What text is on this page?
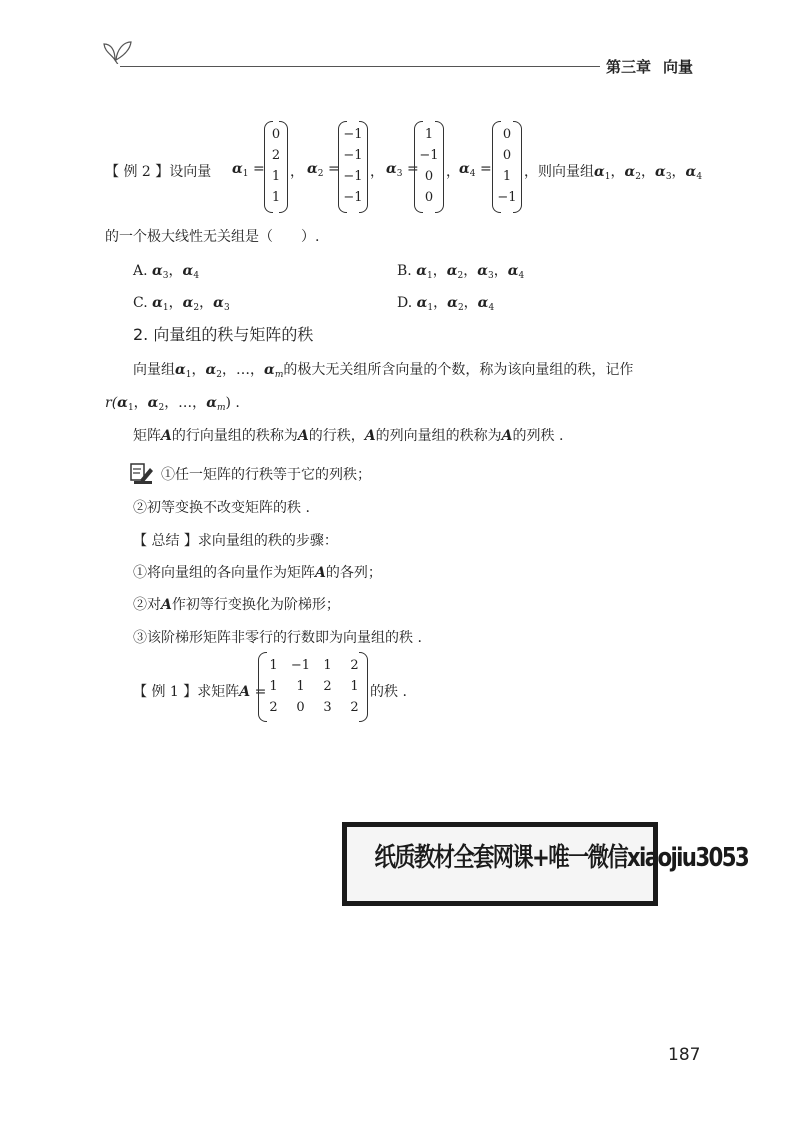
第三章 向量
【 例 2 】设向量 $\alpha_1$ =
0
2
1
1
， $\alpha_2$ =
−1
−1
−1
−1
， $\alpha_3$ =
1
−1
0
0
， $\alpha_4$ =
0
0
1
−1
，则向量组$\alpha_1$，$\alpha_2$，$\alpha_3$，$\alpha_4$
的一个极大线性无关组是（　　）.
A. $\alpha_3$，$\alpha_4$	B. $\alpha_1$，$\alpha_2$，$\alpha_3$，$\alpha_4$
C. $\alpha_1$，$\alpha_2$，$\alpha_3$	D. $\alpha_1$，$\alpha_2$，$\alpha_4$
2. 向量组的秩与矩阵的秩
向量组$\alpha_1$，$\alpha_2$，…，$\alpha_m$的极大无关组所含向量的个数，称为该向量组的秩，记作
$r(\alpha_1$，$\alpha_2$，…，$\alpha_m$) .
矩阵A的行向量组的秩称为A的行秩，A的列向量组的秩称为A的列秩 .
①任一矩阵的行秩等于它的列秩；
②初等变换不改变矩阵的秩 .
【 总结 】求向量组的秩的步骤：
①将向量组的各向量作为矩阵A的各列；
②对A作初等行变换化为阶梯形；
③该阶梯形矩阵非零行的行数即为向量组的秩 .
【 例 1 】求矩阵A =
1	−1	1	2
1	1	2	1
2	0	3	2
的秩 .
纸质教材全套网课+唯一微信xiaojiu3053
187
